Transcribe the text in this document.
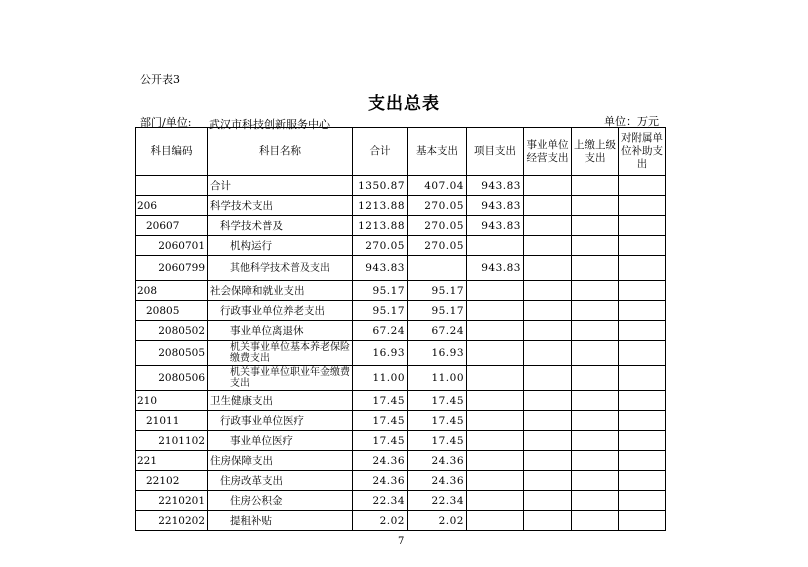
公开表3
支出总表
部门/单位: 武汉市科技创新服务中心	单位：万元
科目编码	科目名称	合计	基本支出	项目支出	事业单位经营支出	上缴上级支出	对附属单位补助支出
	合计	1350.87	407.04	943.83			
206	科学技术支出	1213.88	270.05	943.83			
20607	科学技术普及	1213.88	270.05	943.83			
2060701	机构运行	270.05	270.05				
2060799	其他科学技术普及支出	943.83		943.83			
208	社会保障和就业支出	95.17	95.17				
20805	行政事业单位养老支出	95.17	95.17				
2080502	事业单位离退休	67.24	67.24				
2080505	机关事业单位基本养老保险缴费支出	16.93	16.93				
2080506	机关事业单位职业年金缴费支出	11.00	11.00				
210	卫生健康支出	17.45	17.45				
21011	行政事业单位医疗	17.45	17.45				
2101102	事业单位医疗	17.45	17.45				
221	住房保障支出	24.36	24.36				
22102	住房改革支出	24.36	24.36				
2210201	住房公积金	22.34	22.34				
2210202	提租补贴	2.02	2.02				
7
